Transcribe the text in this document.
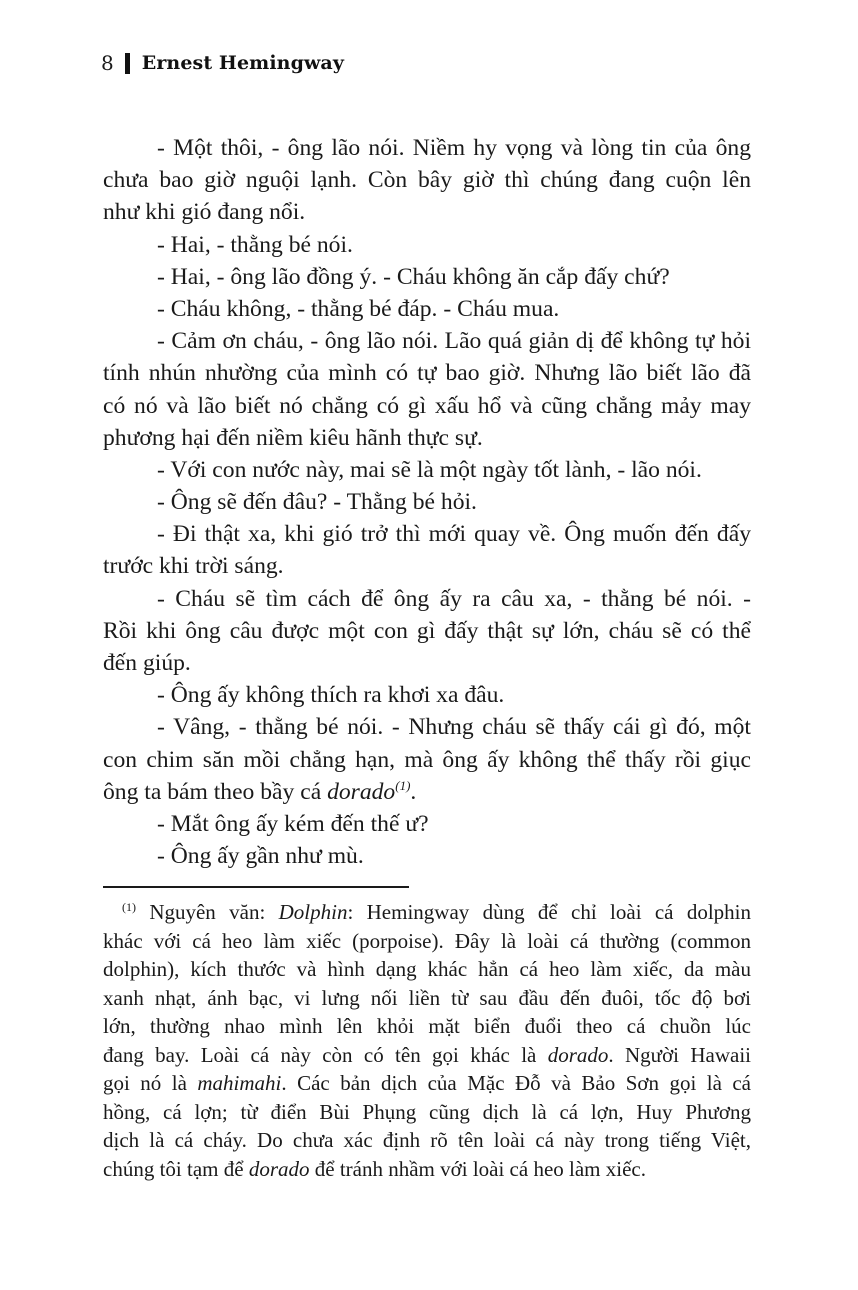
8 Ernest Hemingway
- Một thôi, - ông lão nói. Niềm hy vọng và lòng tin của ông
chưa bao giờ nguội lạnh. Còn bây giờ thì chúng đang cuộn lên
như khi gió đang nổi.
- Hai, - thằng bé nói.
- Hai, - ông lão đồng ý. - Cháu không ăn cắp đấy chứ?
- Cháu không, - thằng bé đáp. - Cháu mua.
- Cảm ơn cháu, - ông lão nói. Lão quá giản dị để không tự hỏi
tính nhún nhường của mình có tự bao giờ. Nhưng lão biết lão đã
có nó và lão biết nó chẳng có gì xấu hổ và cũng chẳng mảy may
phương hại đến niềm kiêu hãnh thực sự.
- Với con nước này, mai sẽ là một ngày tốt lành, - lão nói.
- Ông sẽ đến đâu? - Thằng bé hỏi.
- Đi thật xa, khi gió trở thì mới quay về. Ông muốn đến đấy
trước khi trời sáng.
- Cháu sẽ tìm cách để ông ấy ra câu xa, - thằng bé nói. -
Rồi khi ông câu được một con gì đấy thật sự lớn, cháu sẽ có thể
đến giúp.
- Ông ấy không thích ra khơi xa đâu.
- Vâng, - thằng bé nói. - Nhưng cháu sẽ thấy cái gì đó, một
con chim săn mồi chẳng hạn, mà ông ấy không thể thấy rồi giục
ông ta bám theo bầy cá dorado$^{(1)}$.
- Mắt ông ấy kém đến thế ư?
- Ông ấy gần như mù.
$^{(1)}$ Nguyên văn: Dolphin: Hemingway dùng để chỉ loài cá dolphin
khác với cá heo làm xiếc (porpoise). Đây là loài cá thường (common
dolphin), kích thước và hình dạng khác hẳn cá heo làm xiếc, da màu
xanh nhạt, ánh bạc, vi lưng nối liền từ sau đầu đến đuôi, tốc độ bơi
lớn, thường nhao mình lên khỏi mặt biển đuổi theo cá chuồn lúc
đang bay. Loài cá này còn có tên gọi khác là dorado. Người Hawaii
gọi nó là mahimahi. Các bản dịch của Mặc Đỗ và Bảo Sơn gọi là cá
hồng, cá lợn; từ điển Bùi Phụng cũng dịch là cá lợn, Huy Phương
dịch là cá cháy. Do chưa xác định rõ tên loài cá này trong tiếng Việt,
chúng tôi tạm để dorado để tránh nhầm với loài cá heo làm xiếc.
